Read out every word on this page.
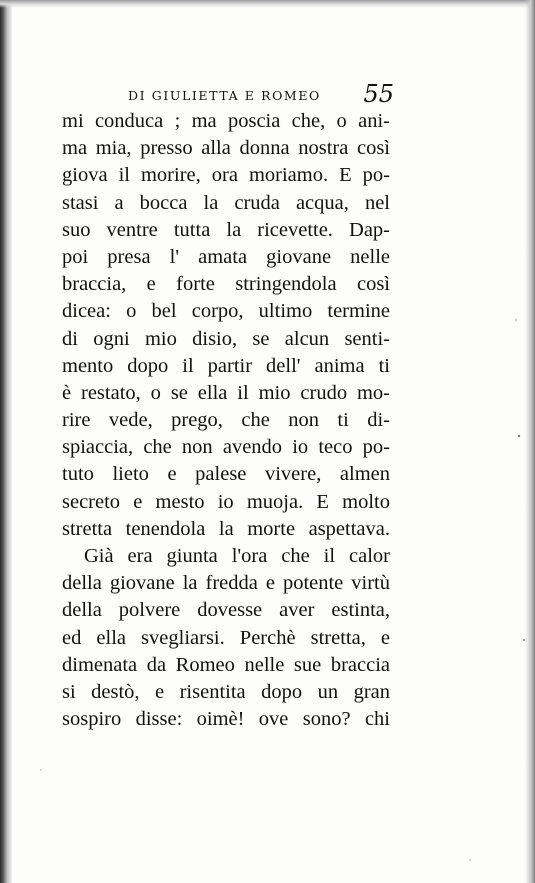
DI GIULIETTA E ROMEO 55
mi conduca ; ma poscia che, o ani-
ma mia, presso alla donna nostra così
giova il morire, ora moriamo. E po-
stasi a bocca la cruda acqua, nel
suo ventre tutta la ricevette. Dap-
poi presa l' amata giovane nelle
braccia, e forte stringendola così
dicea: o bel corpo, ultimo termine
di ogni mio disio, se alcun senti-
mento dopo il partir dell' anima ti
è restato, o se ella il mio crudo mo-
rire vede, prego, che non ti di-
spiaccia, che non avendo io teco po-
tuto lieto e palese vivere, almen
secreto e mesto io muoja. E molto
stretta tenendola la morte aspettava.
Già era giunta l'ora che il calor
della giovane la fredda e potente virtù
della polvere dovesse aver estinta,
ed ella svegliarsi. Perchè stretta, e
dimenata da Romeo nelle sue braccia
si destò, e risentita dopo un gran
sospiro disse: oimè! ove sono? chi
